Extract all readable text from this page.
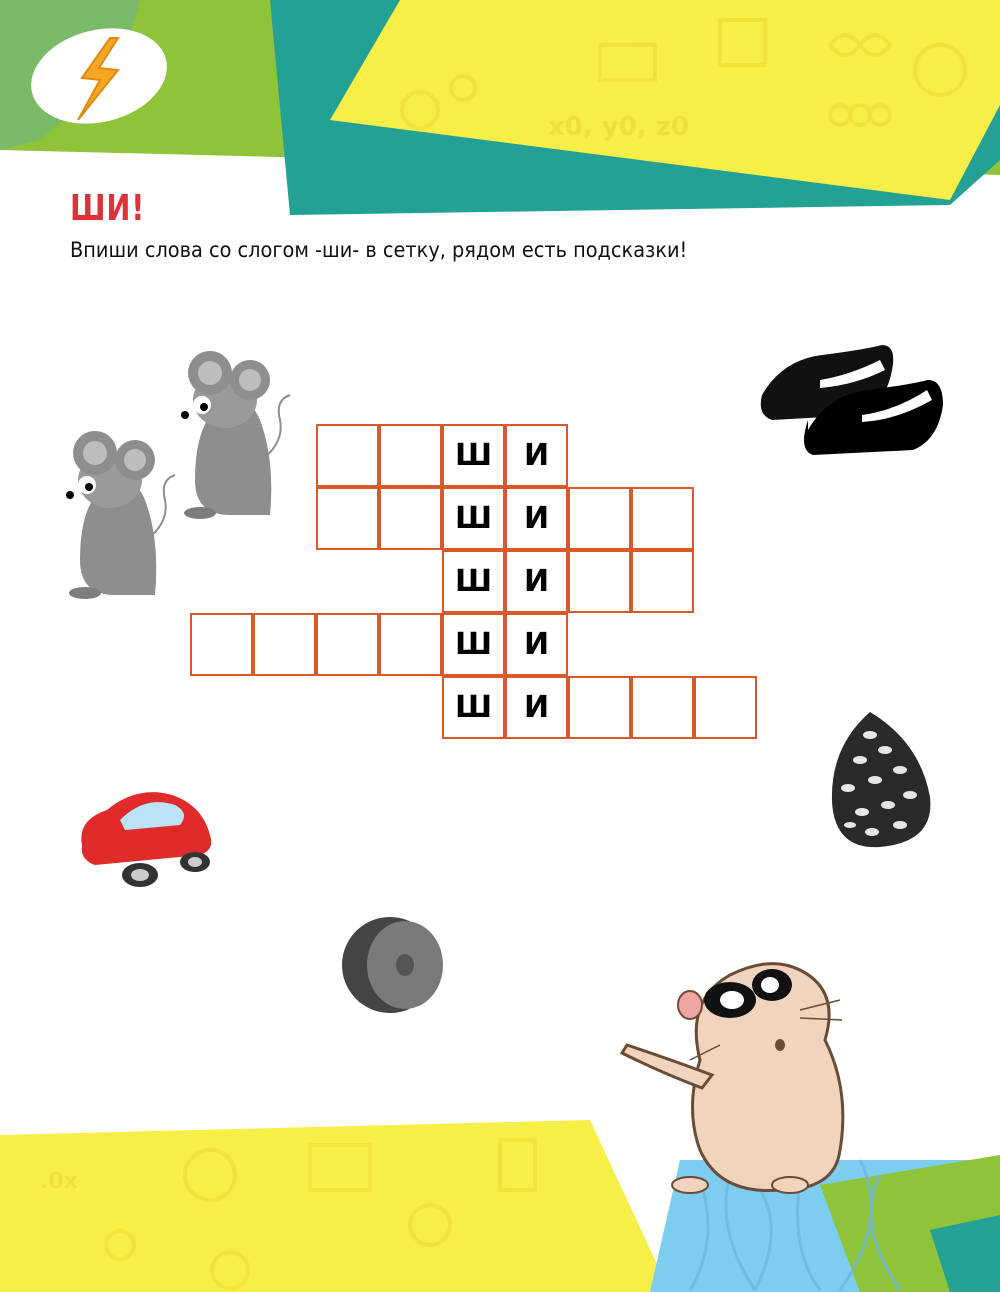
x0, y0, z0
.0x
ШИ!
Впиши слова со слогом -ши- в сетку, рядом есть подсказки!
Ш	И
Ш	И
Ш	И
Ш	И
Ш	И
